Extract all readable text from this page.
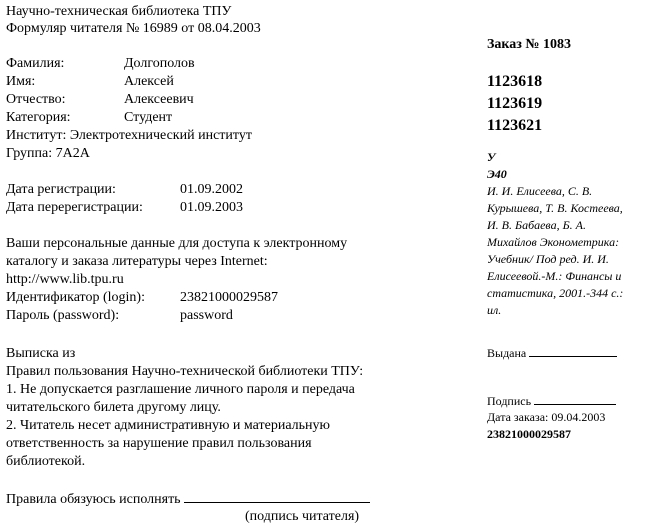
Научно-техническая библиотека ТПУ
Формуляр читателя № 16989 от 08.04.2003
Фамилия:	Долгополов
Имя:	Алексей
Отчество:	Алексеевич
Категория:	Студент
Институт: Электротехнический институт
Группа: 7А2А
Дата регистрации:	01.09.2002
Дата перерегистрации:	01.09.2003
Ваши персональные данные для доступа к электронному
каталогу и заказа литературы через Internet:
http://www.lib.tpu.ru
Идентификатор (login):	23821000029587
Пароль (password):	password
Выписка из
Правил пользования Научно-технической библиотеки ТПУ:
1. Не допускается разглашение личного пароля и передача
читательского билета другому лицу.
2. Читатель несет административную и материальную
ответственность за нарушение правил пользования
библиотекой.
Правила обязуюсь исполнять
(подпись читателя)
Заказ № 1083
1123618
1123619
1123621
У
Э40
И. И. Елисеева, С. В.
Курышева, Т. В. Костеева,
И. В. Бабаева, Б. А.
Михайлов Эконометрика:
Учебник/ Под ред. И. И.
Елисеевой.-М.: Финансы и
статистика, 2001.-344 с.:
ил.
Выдана
Подпись
Дата заказа: 09.04.2003
23821000029587
